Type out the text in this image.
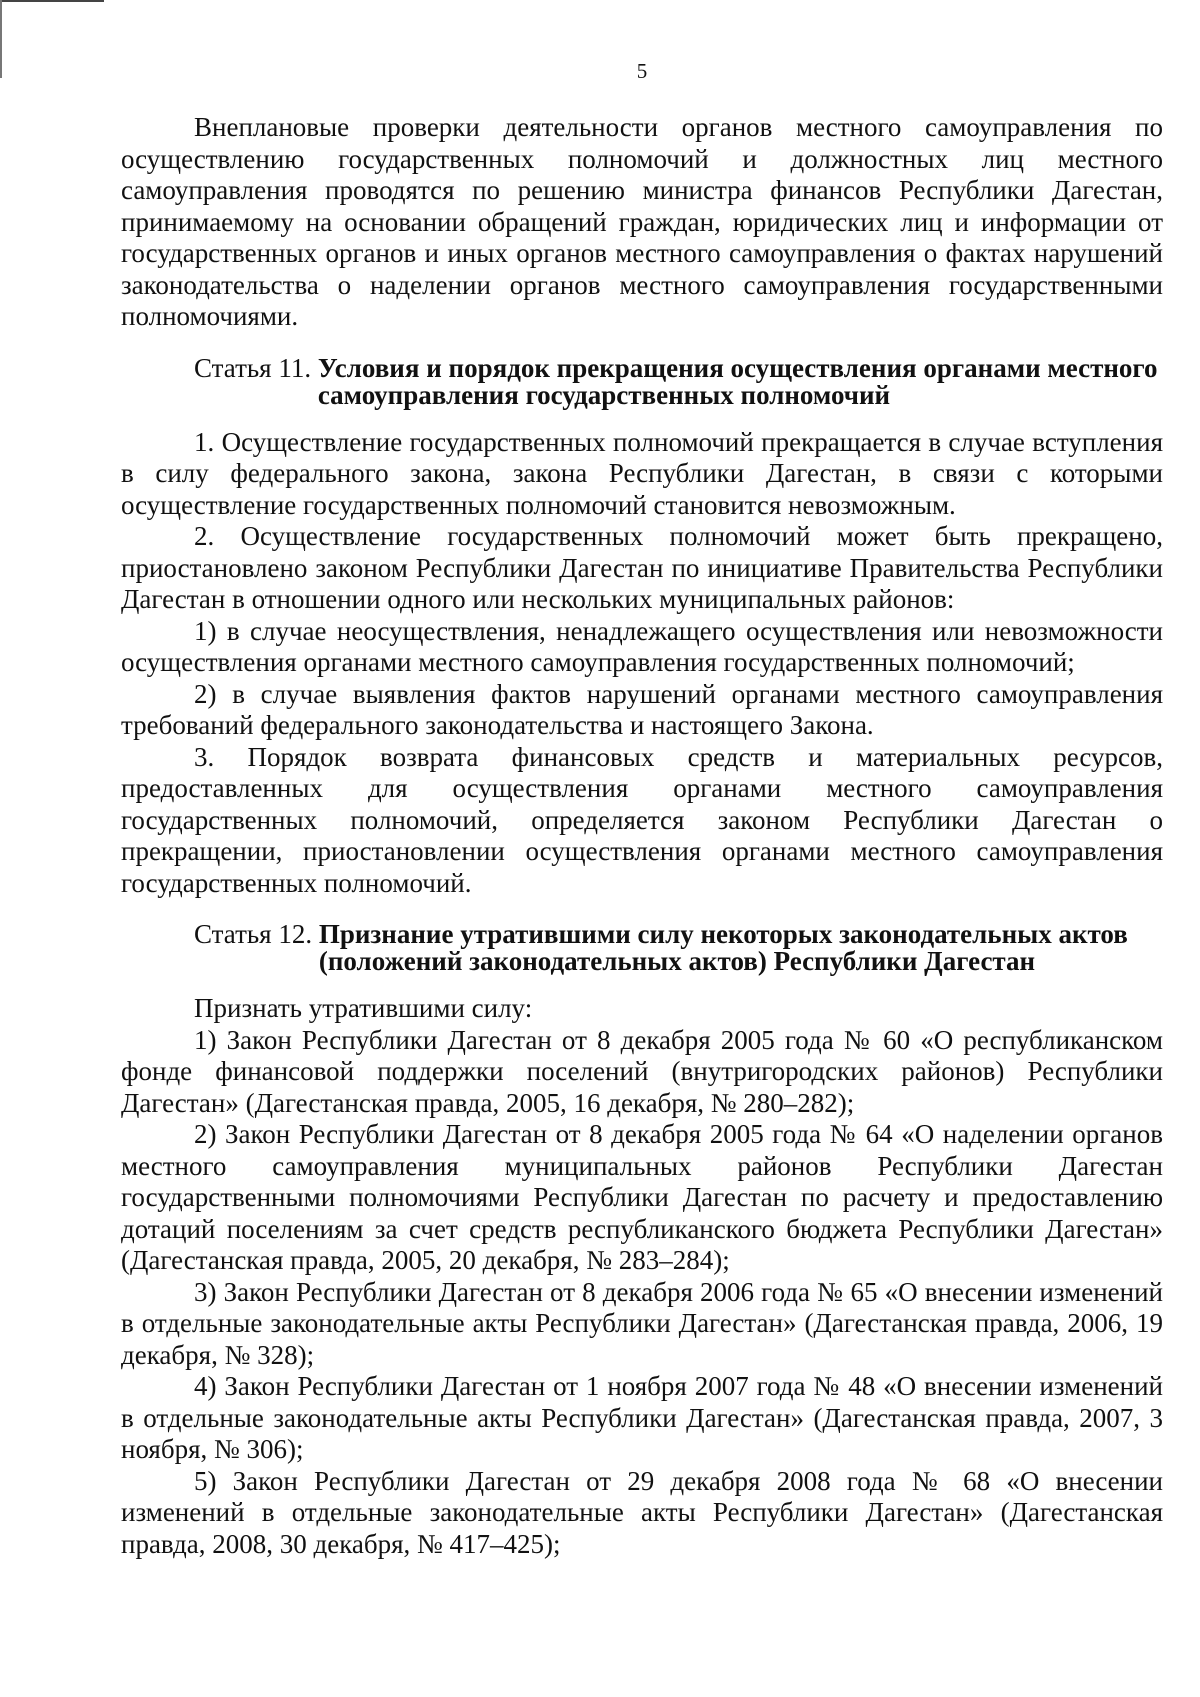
5

Внеплановые проверки деятельности органов местного самоуправления по осуществлению государственных полномочий и должностных лиц местного самоуправления проводятся по решению министра финансов Республики Дагестан, принимаемому на основании обращений граждан, юридических лиц и информации от государственных органов и иных органов местного самоуправления о фактах нарушений законодательства о наделении органов местного самоуправления государственными полномочиями.

Статья 11. Условия и порядок прекращения осуществления органами местного самоуправления государственных полномочий

1. Осуществление государственных полномочий прекращается в случае вступления в силу федерального закона, закона Республики Дагестан, в связи с которыми осуществление государственных полномочий становится невозможным.

2. Осуществление государственных полномочий может быть прекращено, приостановлено законом Республики Дагестан по инициативе Правительства Республики Дагестан в отношении одного или нескольких муниципальных районов:

1) в случае неосуществления, ненадлежащего осуществления или невозможности осуществления органами местного самоуправления государственных полномочий;

2) в случае выявления фактов нарушений органами местного самоуправления требований федерального законодательства и настоящего Закона.

3. Порядок возврата финансовых средств и материальных ресурсов, предоставленных для осуществления органами местного самоуправления государственных полномочий, определяется законом Республики Дагестан о прекращении, приостановлении осуществления органами местного самоуправления государственных полномочий.

Статья 12. Признание утратившими силу некоторых законодательных актов (положений законодательных актов) Республики Дагестан

Признать утратившими силу:

1) Закон Республики Дагестан от 8 декабря 2005 года № 60 «О республиканском фонде финансовой поддержки поселений (внутригородских районов) Республики Дагестан» (Дагестанская правда, 2005, 16 декабря, № 280–282);

2) Закон Республики Дагестан от 8 декабря 2005 года № 64 «О наделении органов местного самоуправления муниципальных районов Республики Дагестан государственными полномочиями Республики Дагестан по расчету и предоставлению дотаций поселениям за счет средств республиканского бюджета Республики Дагестан» (Дагестанская правда, 2005, 20 декабря, № 283–284);

3) Закон Республики Дагестан от 8 декабря 2006 года № 65 «О внесении изменений в отдельные законодательные акты Республики Дагестан» (Дагестанская правда, 2006, 19 декабря, № 328);

4) Закон Республики Дагестан от 1 ноября 2007 года № 48 «О внесении изменений в отдельные законодательные акты Республики Дагестан» (Дагестанская правда, 2007, 3 ноября, № 306);

5) Закон Республики Дагестан от 29 декабря 2008 года № 68 «О внесении изменений в отдельные законодательные акты Республики Дагестан» (Дагестанская правда, 2008, 30 декабря, № 417–425);
